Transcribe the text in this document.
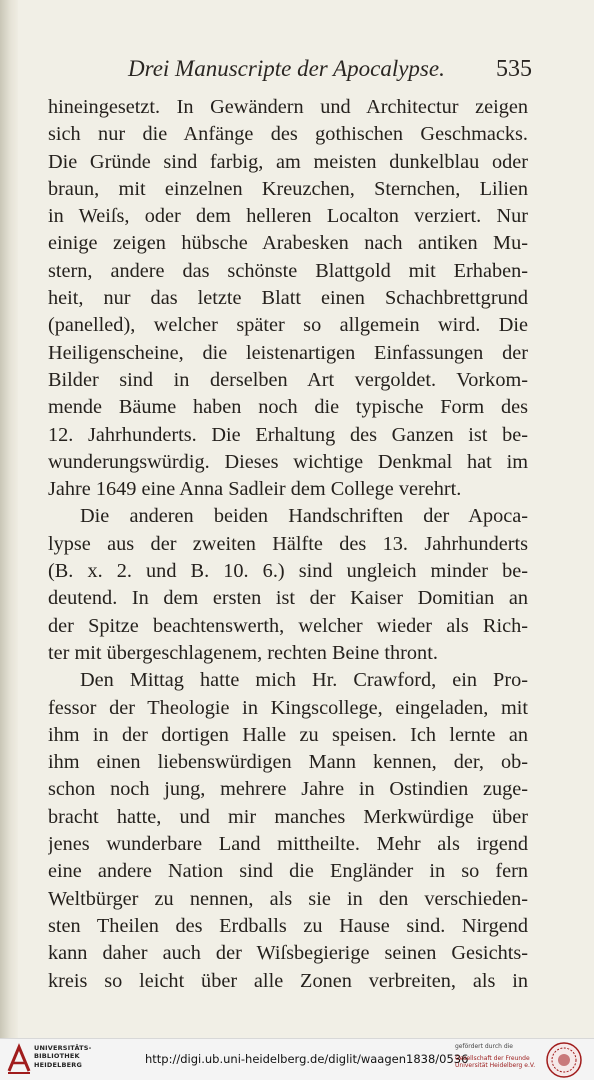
Drei Manuscripte der Apocalypse. 535
hineingesetzt. In Gewändern und Architectur zeigen
sich nur die Anfänge des gothischen Geschmacks.
Die Gründe sind farbig, am meisten dunkelblau oder
braun, mit einzelnen Kreuzchen, Sternchen, Lilien
in Weiſs, oder dem helleren Localton verziert. Nur
einige zeigen hübsche Arabesken nach antiken Mu-
stern, andere das schönste Blattgold mit Erhaben-
heit, nur das letzte Blatt einen Schachbrettgrund
(panelled), welcher später so allgemein wird. Die
Heiligenscheine, die leistenartigen Einfassungen der
Bilder sind in derselben Art vergoldet. Vorkom-
mende Bäume haben noch die typische Form des
12. Jahrhunderts. Die Erhaltung des Ganzen ist be-
wunderungswürdig. Dieses wichtige Denkmal hat im
Jahre 1649 eine Anna Sadleir dem College verehrt.
Die anderen beiden Handschriften der Apoca-
lypse aus der zweiten Hälfte des 13. Jahrhunderts
(B. x. 2. und B. 10. 6.) sind ungleich minder be-
deutend. In dem ersten ist der Kaiser Domitian an
der Spitze beachtenswerth, welcher wieder als Rich-
ter mit übergeschlagenem, rechten Beine thront.
Den Mittag hatte mich Hr. Crawford, ein Pro-
fessor der Theologie in Kingscollege, eingeladen, mit
ihm in der dortigen Halle zu speisen. Ich lernte an
ihm einen liebenswürdigen Mann kennen, der, ob-
schon noch jung, mehrere Jahre in Ostindien zuge-
bracht hatte, und mir manches Merkwürdige über
jenes wunderbare Land mittheilte. Mehr als irgend
eine andere Nation sind die Engländer in so fern
Weltbürger zu nennen, als sie in den verschieden-
sten Theilen des Erdballs zu Hause sind. Nirgend
kann daher auch der Wiſsbegierige seinen Gesichts-
kreis so leicht über alle Zonen verbreiten, als in
UNIVERSITÄTS-
BIBLIOTHEK
HEIDELBERG	http://digi.ub.uni-heidelberg.de/diglit/waagen1838/0536
gefördert durch die
Gesellschaft der Freunde
Universität Heidelberg e.V.
